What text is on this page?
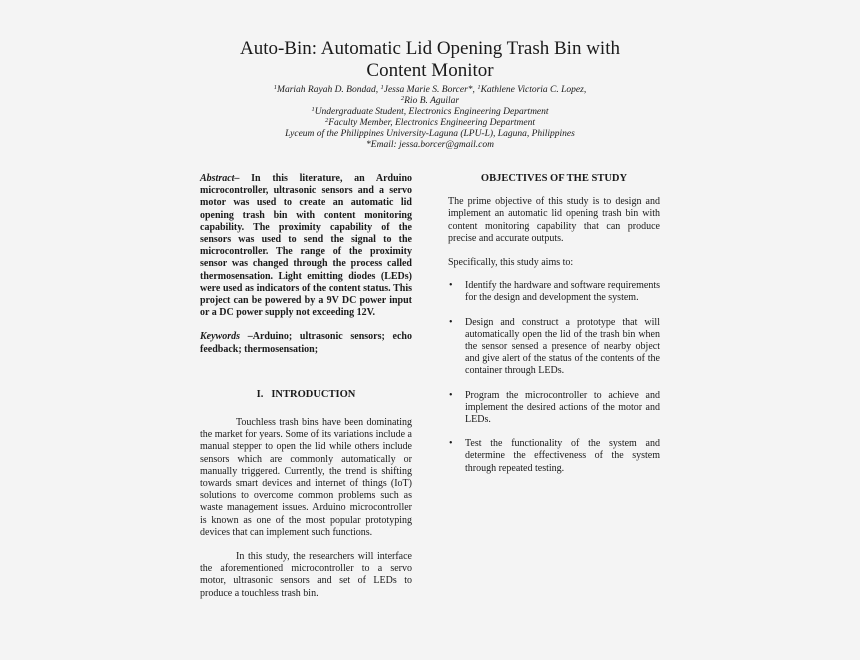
Auto-Bin: Automatic Lid Opening Trash Bin with
Content Monitor
$^1$Mariah Rayah D. Bondad, $^1$Jessa Marie S. Borcer*, $^1$Kathlene Victoria C. Lopez,
$^2$Rio B. Aguilar
$^1$Undergraduate Student, Electronics Engineering Department
$^2$Faculty Member, Electronics Engineering Department
Lyceum of the Philippines University-Laguna (LPU-L), Laguna, Philippines
*Email: jessa.borcer@gmail.com

Abstract– In this literature, an Arduino microcontroller, ultrasonic sensors and a servo motor was used to create an automatic lid opening trash bin with content monitoring capability. The proximity capability of the sensors was used to send the signal to the microcontroller. The range of the proximity sensor was changed through the process called thermosensation. Light emitting diodes (LEDs) were used as indicators of the content status. This project can be powered by a 9V DC power input or a DC power supply not exceeding 12V.

Keywords –Arduino; ultrasonic sensors; echo feedback; thermosensation;

I. INTRODUCTION

Touchless trash bins have been dominating the market for years. Some of its variations include a manual stepper to open the lid while others include sensors which are commonly automatically or manually triggered. Currently, the trend is shifting towards smart devices and internet of things (IoT) solutions to overcome common problems such as waste management issues. Arduino microcontroller is known as one of the most popular prototyping devices that can implement such functions.

In this study, the researchers will interface the aforementioned microcontroller to a servo motor, ultrasonic sensors and set of LEDs to produce a touchless trash bin.

OBJECTIVES OF THE STUDY

The prime objective of this study is to design and implement an automatic lid opening trash bin with content monitoring capability that can produce precise and accurate outputs.

Specifically, this study aims to:

• Identify the hardware and software requirements for the design and development the system.
• Design and construct a prototype that will automatically open the lid of the trash bin when the sensor sensed a presence of nearby object and give alert of the status of the contents of the container through LEDs.
• Program the microcontroller to achieve and implement the desired actions of the motor and LEDs.
• Test the functionality of the system and determine the effectiveness of the system through repeated testing.
